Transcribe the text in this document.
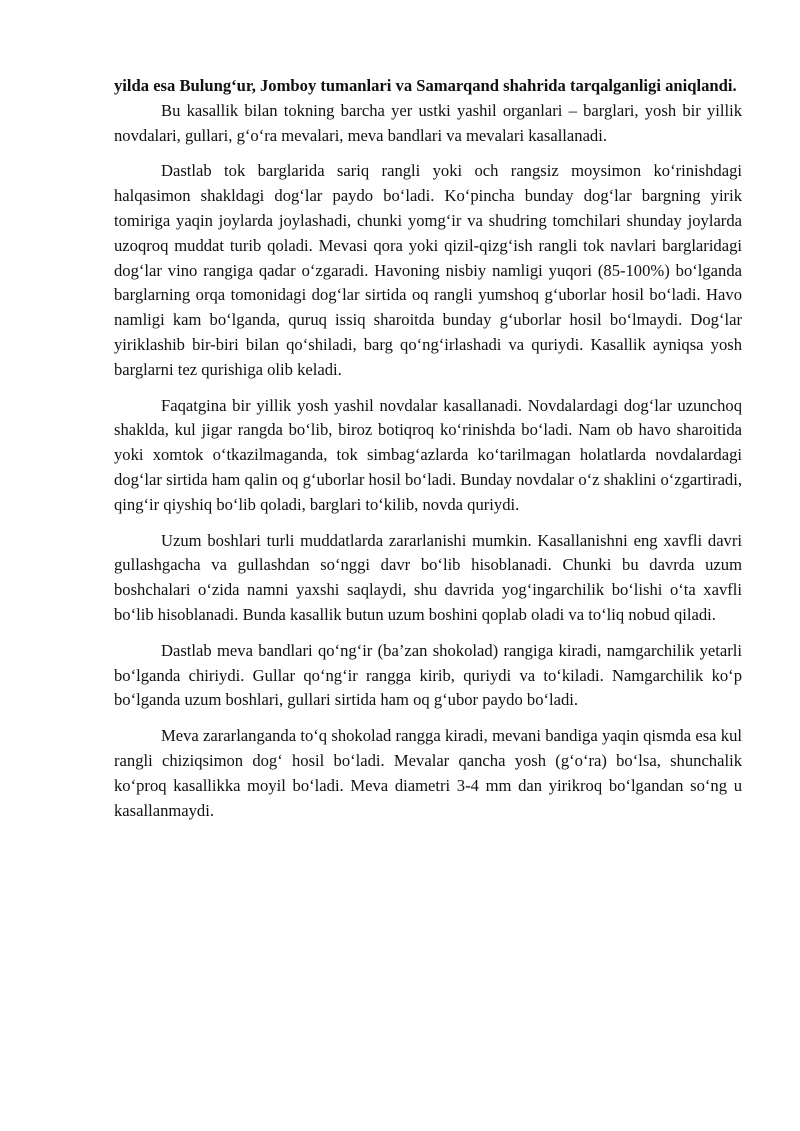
yilda esa Bulung‘ur, Jomboy tumanlari va Samarqand shahrida tarqalganligi aniqlandi.

Bu kasallik bilan tokning barcha yer ustki yashil organlari – barglari, yosh bir yillik novdalari, gullari, g‘o‘ra mevalari, meva bandlari va mevalari kasallanadi.

Dastlab tok barglarida sariq rangli yoki och rangsiz moysimon ko‘rinishdagi halqasimon shakldagi dog‘lar paydo bo‘ladi. Ko‘pincha bunday dog‘lar bargning yirik tomiriga yaqin joylarda joylashadi, chunki yomg‘ir va shudring tomchilari shunday joylarda uzoqroq muddat turib qoladi. Mevasi qora yoki qizil-qizg‘ish rangli tok navlari barglaridagi dog‘lar vino rangiga qadar o‘zgaradi. Havoning nisbiy namligi yuqori (85-100%) bo‘lganda barglarning orqa tomonidagi dog‘lar sirtida oq rangli yumshoq g‘uborlar hosil bo‘ladi. Havo namligi kam bo‘lganda, quruq issiq sharoitda bunday g‘uborlar hosil bo‘lmaydi. Dog‘lar yiriklashib bir-biri bilan qo‘shiladi, barg qo‘ng‘irlashadi va quriydi. Kasallik ayniqsa yosh barglarni tez qurishiga olib keladi.

Faqatgina bir yillik yosh yashil novdalar kasallanadi. Novdalardagi dog‘lar uzunchoq shaklda, kul jigar rangda bo‘lib, biroz botiqroq ko‘rinishda bo‘ladi. Nam ob havo sharoitida yoki xomtok o‘tkazilmaganda, tok simbag‘azlarda ko‘tarilmagan holatlarda novdalardagi dog‘lar sirtida ham qalin oq g‘uborlar hosil bo‘ladi. Bunday novdalar o‘z shaklini o‘zgartiradi, qing‘ir qiyshiq bo‘lib qoladi, barglari to‘kilib, novda quriydi.

Uzum boshlari turli muddatlarda zararlanishi mumkin. Kasallanishni eng xavfli davri gullashgacha va gullashdan so‘nggi davr bo‘lib hisoblanadi. Chunki bu davrda uzum boshchalari o‘zida namni yaxshi saqlaydi, shu davrida yog‘ingarchilik bo‘lishi o‘ta xavfli bo‘lib hisoblanadi. Bunda kasallik butun uzum boshini qoplab oladi va to‘liq nobud qiladi.

Dastlab meva bandlari qo‘ng‘ir (ba’zan shokolad) rangiga kiradi, namgarchilik yetarli bo‘lganda chiriydi. Gullar qo‘ng‘ir rangga kirib, quriydi va to‘kiladi. Namgarchilik ko‘p bo‘lganda uzum boshlari, gullari sirtida ham oq g‘ubor paydo bo‘ladi.

Meva zararlanganda to‘q shokolad rangga kiradi, mevani bandiga yaqin qismda esa kul rangli chiziqsimon dog‘ hosil bo‘ladi. Mevalar qancha yosh (g‘o‘ra) bo‘lsa, shunchalik ko‘proq kasallikka moyil bo‘ladi. Meva diametri 3-4 mm dan yirikroq bo‘lgandan so‘ng u kasallanmaydi.
